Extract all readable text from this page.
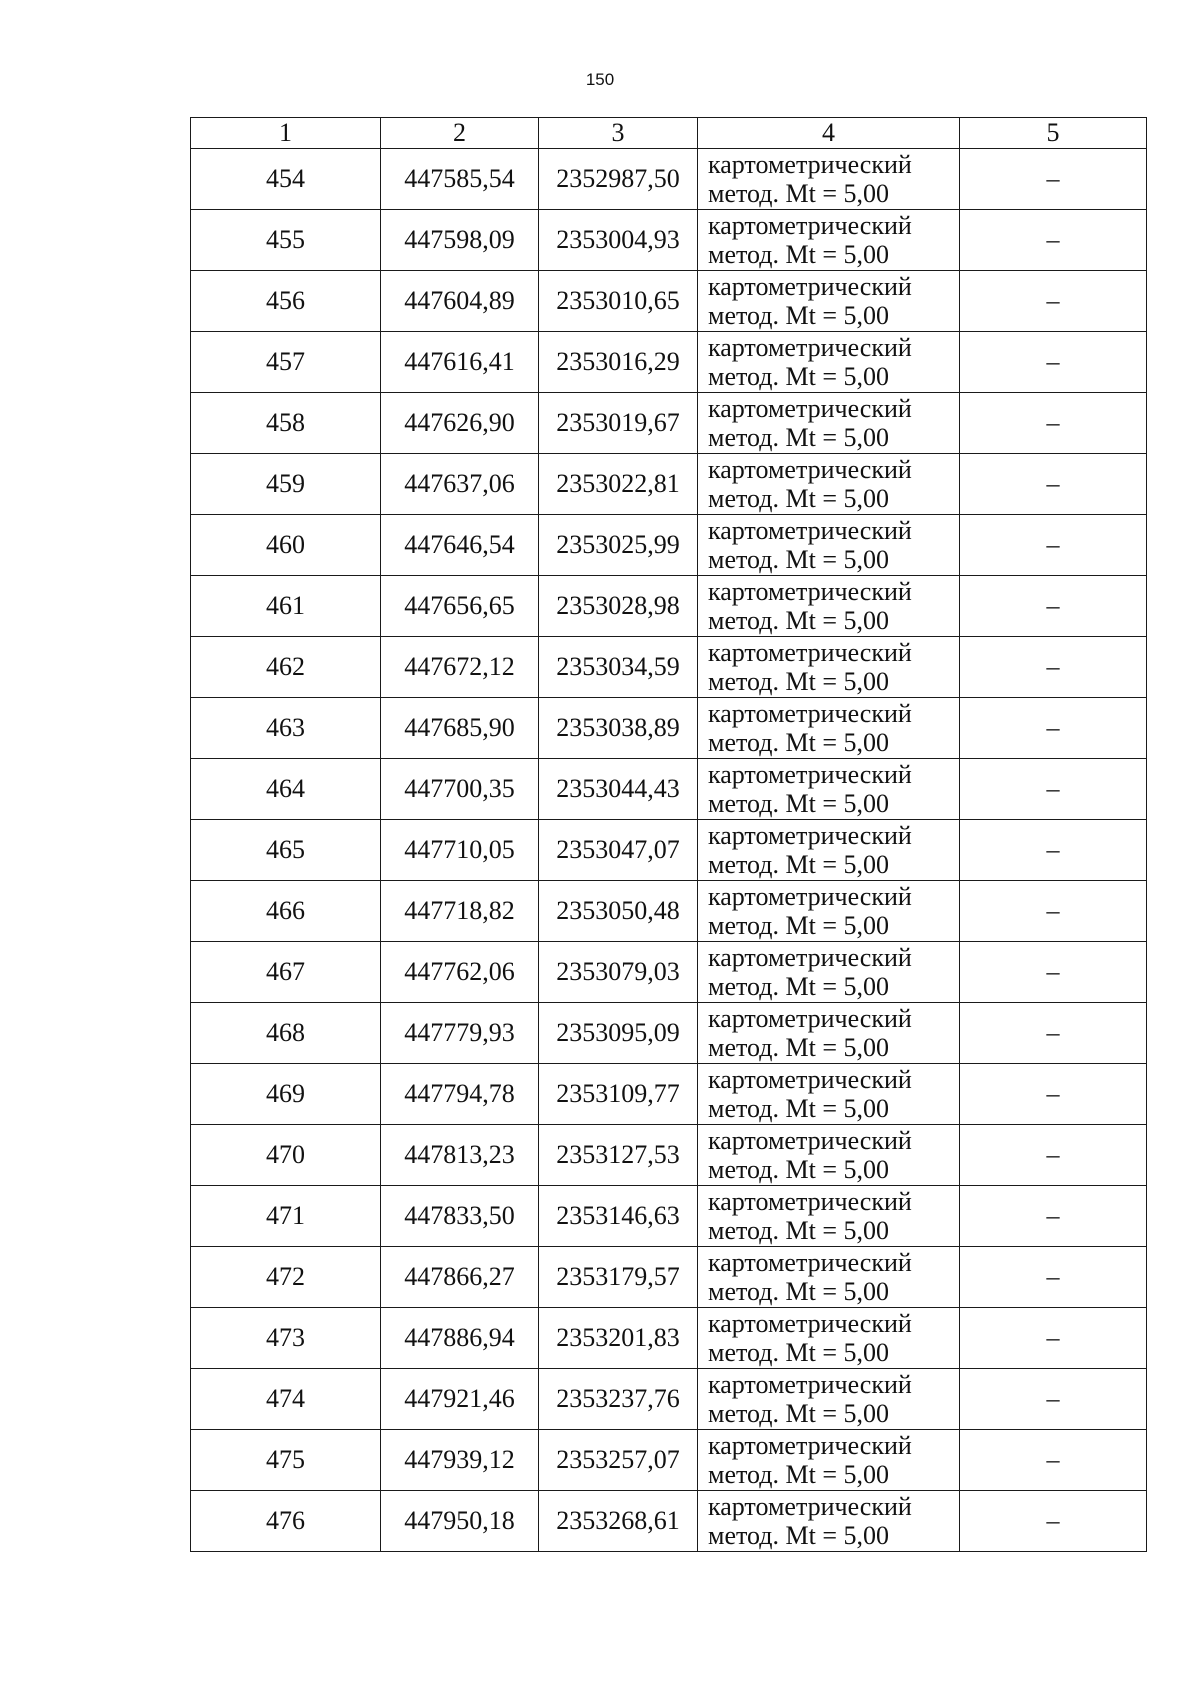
150
1	2	3	4	5
454	447585,54	2352987,50	картометрический
метод. Mt = 5,00	–
455	447598,09	2353004,93	картометрический
метод. Mt = 5,00	–
456	447604,89	2353010,65	картометрический
метод. Mt = 5,00	–
457	447616,41	2353016,29	картометрический
метод. Mt = 5,00	–
458	447626,90	2353019,67	картометрический
метод. Mt = 5,00	–
459	447637,06	2353022,81	картометрический
метод. Mt = 5,00	–
460	447646,54	2353025,99	картометрический
метод. Mt = 5,00	–
461	447656,65	2353028,98	картометрический
метод. Mt = 5,00	–
462	447672,12	2353034,59	картометрический
метод. Mt = 5,00	–
463	447685,90	2353038,89	картометрический
метод. Mt = 5,00	–
464	447700,35	2353044,43	картометрический
метод. Mt = 5,00	–
465	447710,05	2353047,07	картометрический
метод. Mt = 5,00	–
466	447718,82	2353050,48	картометрический
метод. Mt = 5,00	–
467	447762,06	2353079,03	картометрический
метод. Mt = 5,00	–
468	447779,93	2353095,09	картометрический
метод. Mt = 5,00	–
469	447794,78	2353109,77	картометрический
метод. Mt = 5,00	–
470	447813,23	2353127,53	картометрический
метод. Mt = 5,00	–
471	447833,50	2353146,63	картометрический
метод. Mt = 5,00	–
472	447866,27	2353179,57	картометрический
метод. Mt = 5,00	–
473	447886,94	2353201,83	картометрический
метод. Mt = 5,00	–
474	447921,46	2353237,76	картометрический
метод. Mt = 5,00	–
475	447939,12	2353257,07	картометрический
метод. Mt = 5,00	–
476	447950,18	2353268,61	картометрический
метод. Mt = 5,00	–
